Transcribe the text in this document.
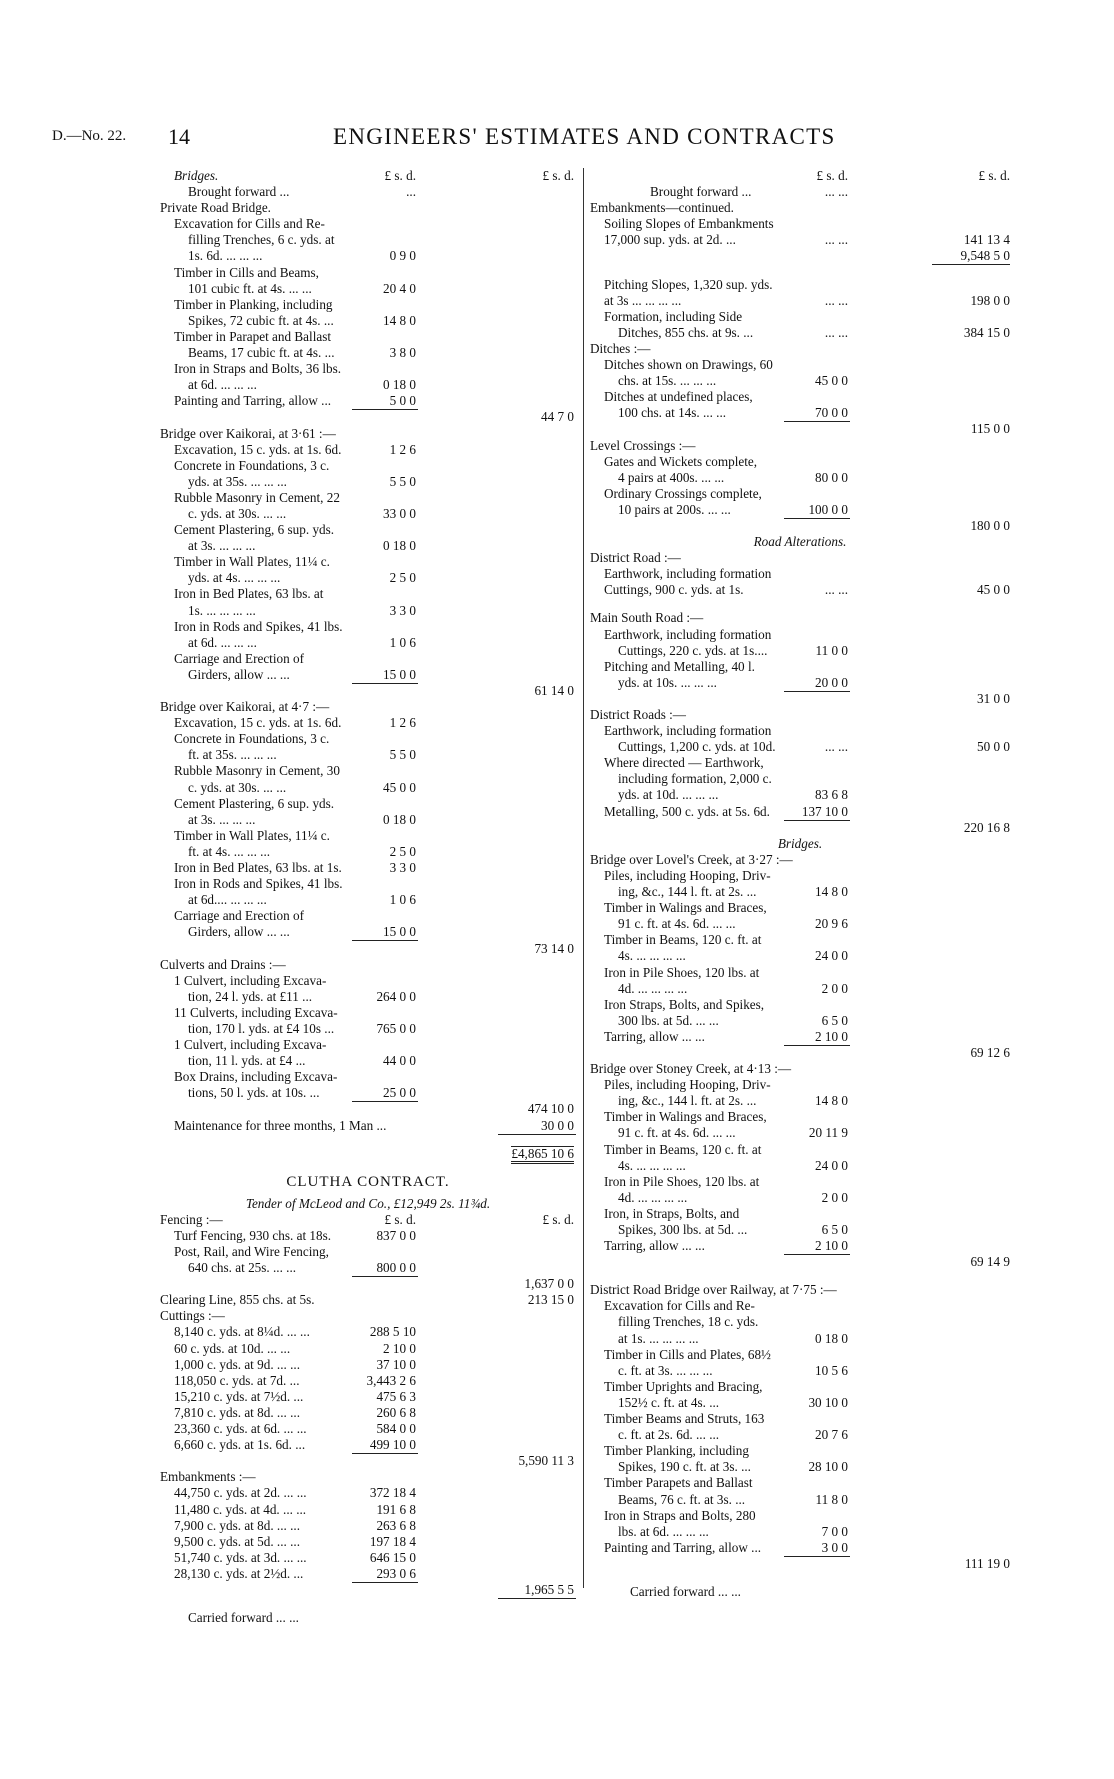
D.—No. 22. 14	ENGINEERS' ESTIMATES AND CONTRACTS
Bridges.	£ s. d.	£ s. d.
Brought forward ...	...
Private Road Bridge.
Excavation for Cills and Re-
filling Trenches, 6 c. yds. at
1s. 6d. ... ... ...	0 9 0
Timber in Cills and Beams,
101 cubic ft. at 4s. ... ...	20 4 0
Timber in Planking, including
Spikes, 72 cubic ft. at 4s. ...	14 8 0
Timber in Parapet and Ballast
Beams, 17 cubic ft. at 4s. ...	3 8 0
Iron in Straps and Bolts, 36 lbs.
at 6d. ... ... ...	0 18 0
Painting and Tarring, allow ...	5 0 0
44 7 0
Bridge over Kaikorai, at 3·61 :—
Excavation, 15 c. yds. at 1s. 6d.	1 2 6
Concrete in Foundations, 3 c.
yds. at 35s. ... ... ...	5 5 0
Rubble Masonry in Cement, 22
c. yds. at 30s. ... ...	33 0 0
Cement Plastering, 6 sup. yds.
at 3s. ... ... ...	0 18 0
Timber in Wall Plates, 11¼ c.
yds. at 4s. ... ... ...	2 5 0
Iron in Bed Plates, 63 lbs. at
1s. ... ... ... ...	3 3 0
Iron in Rods and Spikes, 41 lbs.
at 6d. ... ... ...	1 0 6
Carriage and Erection of
Girders, allow ... ...	15 0 0
61 14 0
Bridge over Kaikorai, at 4·7 :—
Excavation, 15 c. yds. at 1s. 6d.	1 2 6
Concrete in Foundations, 3 c.
ft. at 35s. ... ... ...	5 5 0
Rubble Masonry in Cement, 30
c. yds. at 30s. ... ...	45 0 0
Cement Plastering, 6 sup. yds.
at 3s. ... ... ...	0 18 0
Timber in Wall Plates, 11¼ c.
ft. at 4s. ... ... ...	2 5 0
Iron in Bed Plates, 63 lbs. at 1s.	3 3 0
Iron in Rods and Spikes, 41 lbs.
at 6d.... ... ... ...	1 0 6
Carriage and Erection of
Girders, allow ... ...	15 0 0
73 14 0
Culverts and Drains :—
1 Culvert, including Excava-
tion, 24 l. yds. at £11 ...	264 0 0
11 Culverts, including Excava-
tion, 170 l. yds. at £4 10s ...	765 0 0
1 Culvert, including Excava-
tion, 11 l. yds. at £4 ...	44 0 0
Box Drains, including Excava-
tions, 50 l. yds. at 10s. ...	25 0 0
474 10 0
Maintenance for three months, 1 Man ...	30 0 0
£4,865 10 6
CLUTHA CONTRACT.
Tender of McLeod and Co., £12,949 2s. 11¾d.
Fencing :—	£ s. d.	£ s. d.
Turf Fencing, 930 chs. at 18s.	837 0 0
Post, Rail, and Wire Fencing,
640 chs. at 25s. ... ...	800 0 0
1,637 0 0
Clearing Line, 855 chs. at 5s.	213 15 0
Cuttings :—
8,140 c. yds. at 8¼d. ... ...	288 5 10
60 c. yds. at 10d. ... ...	2 10 0
1,000 c. yds. at 9d. ... ...	37 10 0
118,050 c. yds. at 7d. ...	3,443 2 6
15,210 c. yds. at 7½d. ...	475 6 3
7,810 c. yds. at 8d. ... ...	260 6 8
23,360 c. yds. at 6d. ... ...	584 0 0
6,660 c. yds. at 1s. 6d. ...	499 10 0
5,590 11 3
Embankments :—
44,750 c. yds. at 2d. ... ...	372 18 4
11,480 c. yds. at 4d. ... ...	191 6 8
7,900 c. yds. at 8d. ... ...	263 6 8
9,500 c. yds. at 5d. ... ...	197 18 4
51,740 c. yds. at 3d. ... ...	646 15 0
28,130 c. yds. at 2½d. ...	293 0 6
1,965 5 5
Carried forward ... ...
£ s. d.	£ s. d.
Brought forward ...	... ...
Embankments—continued.
Soiling Slopes of Embankments
17,000 sup. yds. at 2d. ...	... ...	141 13 4
9,548 5 0
Pitching Slopes, 1,320 sup. yds.
at 3s ... ... ... ...	... ...	198 0 0
Formation, including Side
Ditches, 855 chs. at 9s. ...	... ...	384 15 0
Ditches :—
Ditches shown on Drawings, 60
chs. at 15s. ... ... ...	45 0 0
Ditches at undefined places,
100 chs. at 14s. ... ...	70 0 0
115 0 0
Level Crossings :—
Gates and Wickets complete,
4 pairs at 400s. ... ...	80 0 0
Ordinary Crossings complete,
10 pairs at 200s. ... ...	100 0 0
180 0 0
Road Alterations.
District Road :—
Earthwork, including formation
Cuttings, 900 c. yds. at 1s.	... ...	45 0 0
Main South Road :—
Earthwork, including formation
Cuttings, 220 c. yds. at 1s....	11 0 0
Pitching and Metalling, 40 l.
yds. at 10s. ... ... ...	20 0 0
31 0 0
District Roads :—
Earthwork, including formation
Cuttings, 1,200 c. yds. at 10d.	... ...	50 0 0
Where directed — Earthwork,
including formation, 2,000 c.
yds. at 10d. ... ... ...	83 6 8
Metalling, 500 c. yds. at 5s. 6d. 137 10 0
220 16 8
Bridges.
Bridge over Lovel's Creek, at 3·27 :—
Piles, including Hooping, Driv-
ing, &c., 144 l. ft. at 2s. ...	14 8 0
Timber in Walings and Braces,
91 c. ft. at 4s. 6d. ... ...	20 9 6
Timber in Beams, 120 c. ft. at
4s. ... ... ... ...	24 0 0
Iron in Pile Shoes, 120 lbs. at
4d. ... ... ... ...	2 0 0
Iron Straps, Bolts, and Spikes,
300 lbs. at 5d. ... ...	6 5 0
Tarring, allow ... ...	2 10 0
69 12 6
Bridge over Stoney Creek, at 4·13 :—
Piles, including Hooping, Driv-
ing, &c., 144 l. ft. at 2s. ...	14 8 0
Timber in Walings and Braces,
91 c. ft. at 4s. 6d. ... ...	20 11 9
Timber in Beams, 120 c. ft. at
4s. ... ... ... ...	24 0 0
Iron in Pile Shoes, 120 lbs. at
4d. ... ... ... ...	2 0 0
Iron, in Straps, Bolts, and
Spikes, 300 lbs. at 5d. ...	6 5 0
Tarring, allow ... ...	2 10 0
69 14 9
District Road Bridge over Railway, at 7·75 :—
Excavation for Cills and Re-
filling Trenches, 18 c. yds.
at 1s. ... ... ... ...	0 18 0
Timber in Cills and Plates, 68½
c. ft. at 3s. ... ... ...	10 5 6
Timber Uprights and Bracing,
152½ c. ft. at 4s. ...	30 10 0
Timber Beams and Struts, 163
c. ft. at 2s. 6d. ... ...	20 7 6
Timber Planking, including
Spikes, 190 c. ft. at 3s. ...	28 10 0
Timber Parapets and Ballast
Beams, 76 c. ft. at 3s. ...	11 8 0
Iron in Straps and Bolts, 280
lbs. at 6d. ... ... ...	7 0 0
Painting and Tarring, allow ...	3 0 0
111 19 0
Carried forward ... ...
